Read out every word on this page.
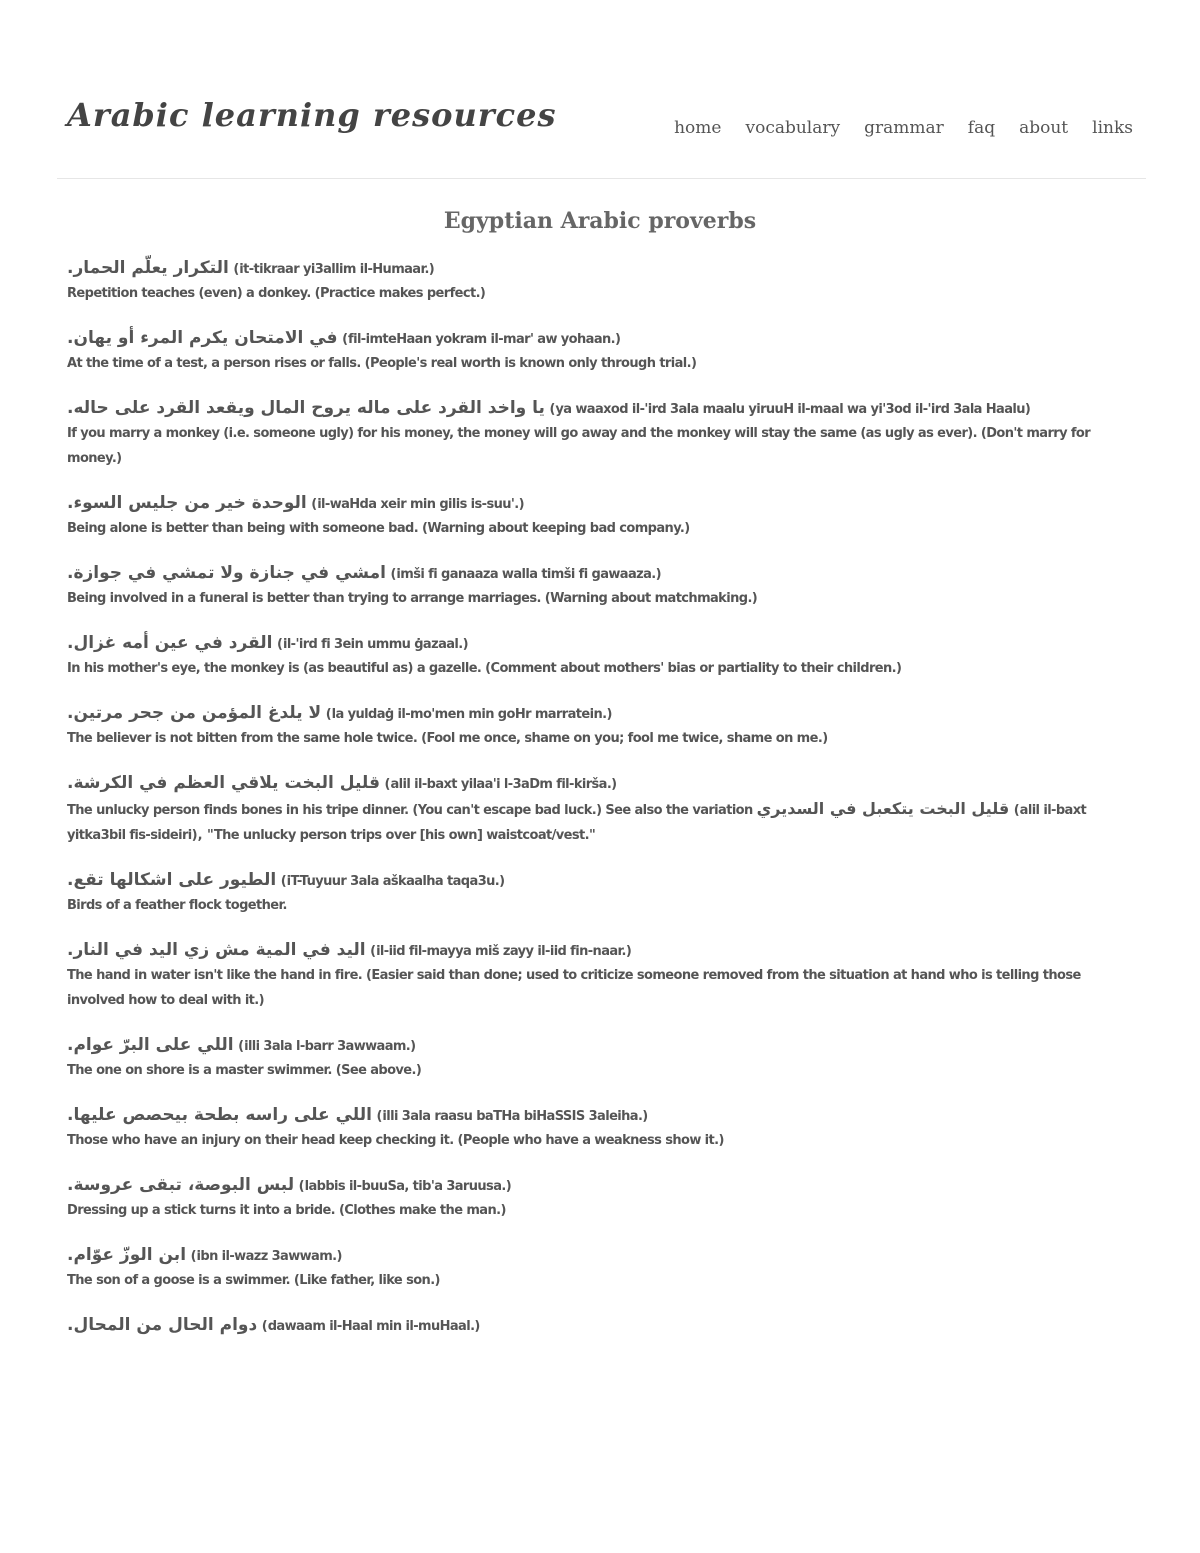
Arabic learning resources	home vocabulary grammar faq about links
Egyptian Arabic proverbs
التكرار يعلّم الحمار. (it-tikraar yi3allim il-Humaar.)
Repetition teaches (even) a donkey. (Practice makes perfect.)
في الامتحان يكرم المرء أو يهان. (fil-imteHaan yokram il-mar' aw yohaan.)
At the time of a test, a person rises or falls. (People's real worth is known only through trial.)
يا واخد القرد على ماله يروح المال ويقعد القرد على حاله. (ya waaxod il-'ird 3ala maalu yiruuH il-maal wa yi'3od il-'ird 3ala Haalu)
If you marry a monkey (i.e. someone ugly) for his money, the money will go away and the monkey will stay the same (as ugly as ever). (Don't marry for money.)
الوحدة خير من جليس السوء. (il-waHda xeir min gilis is-suu'.)
Being alone is better than being with someone bad. (Warning about keeping bad company.)
امشي في جنازة ولا تمشي في جوازة. (imši fi ganaaza walla timši fi gawaaza.)
Being involved in a funeral is better than trying to arrange marriages. (Warning about matchmaking.)
القرد في عين أمه غزال. (il-'ird fi 3ein ummu ġazaal.)
In his mother's eye, the monkey is (as beautiful as) a gazelle. (Comment about mothers' bias or partiality to their children.)
لا يلدغ المؤمن من جحر مرتين. (la yuldaġ il-mo'men min goHr marratein.)
The believer is not bitten from the same hole twice. (Fool me once, shame on you; fool me twice, shame on me.)
قليل البخت يلاقي العظم في الكرشة. (alil il-baxt yilaa'i l-3aDm fil-kirša.)
The unlucky person finds bones in his tripe dinner. (You can't escape bad luck.) See also the variation قليل البخت يتكعبل في السديري (alil il-baxt yitka3bil fis-sideiri), "The unlucky person trips over [his own] waistcoat/vest."
الطيور على اشكالها تقع. (iT-Tuyuur 3ala aškaalha taqa3u.)
Birds of a feather flock together.
اليد في المية مش زي اليد في النار. (il-iid fil-mayya miš zayy il-iid fin-naar.)
The hand in water isn't like the hand in fire. (Easier said than done; used to criticize someone removed from the situation at hand who is telling those involved how to deal with it.)
اللي على البرّ عوام. (illi 3ala l-barr 3awwaam.)
The one on shore is a master swimmer. (See above.)
اللي على راسه بطحة بيحصص عليها. (illi 3ala raasu baTHa biHaSSIS 3aleiha.)
Those who have an injury on their head keep checking it. (People who have a weakness show it.)
لبس البوصة، تبقى عروسة. (labbis il-buuSa, tib'a 3aruusa.)
Dressing up a stick turns it into a bride. (Clothes make the man.)
ابن الوزّ عوّام. (ibn il-wazz 3awwam.)
The son of a goose is a swimmer. (Like father, like son.)
دوام الحال من المحال. (dawaam il-Haal min il-muHaal.)
